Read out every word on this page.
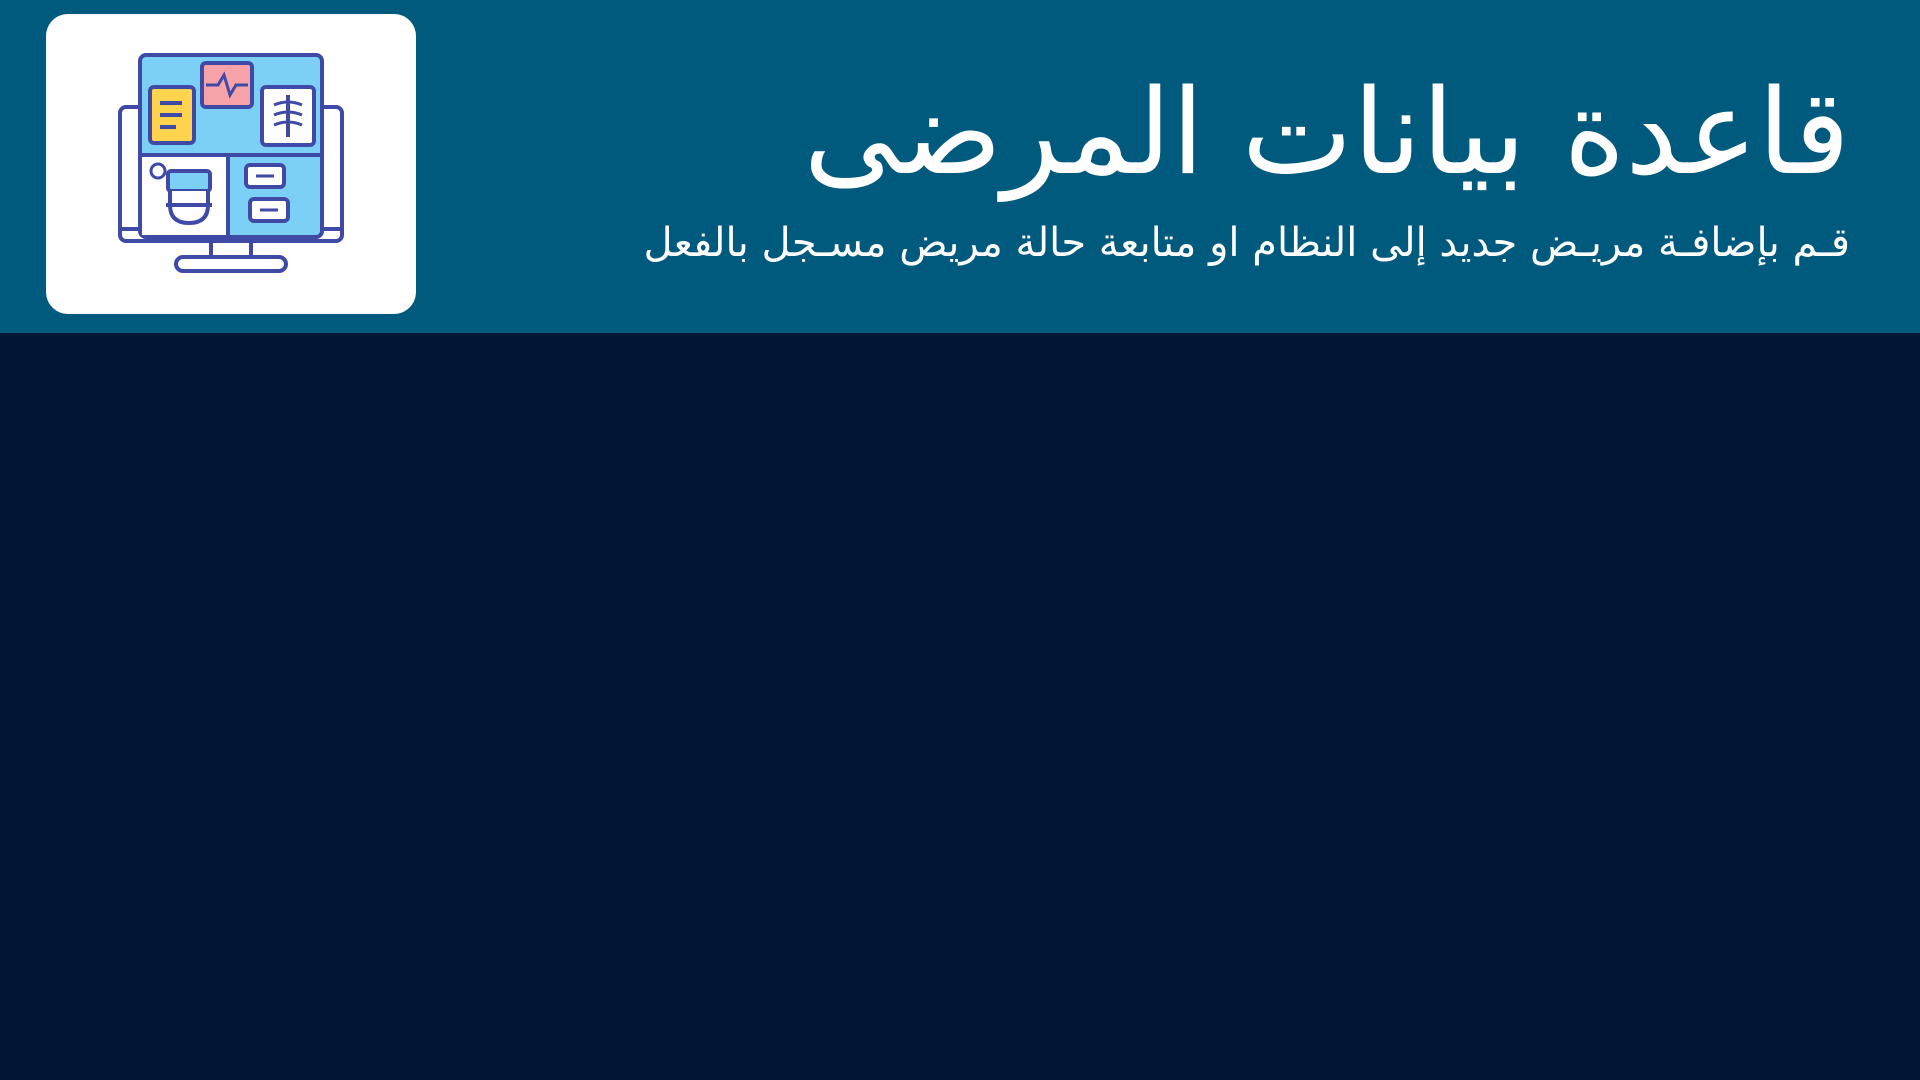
قاعدة بيانات المرضى
قـم بإضافـة مريـض جديد إلى النظام او متابعة حالة مريض مسـجل بالفعل
